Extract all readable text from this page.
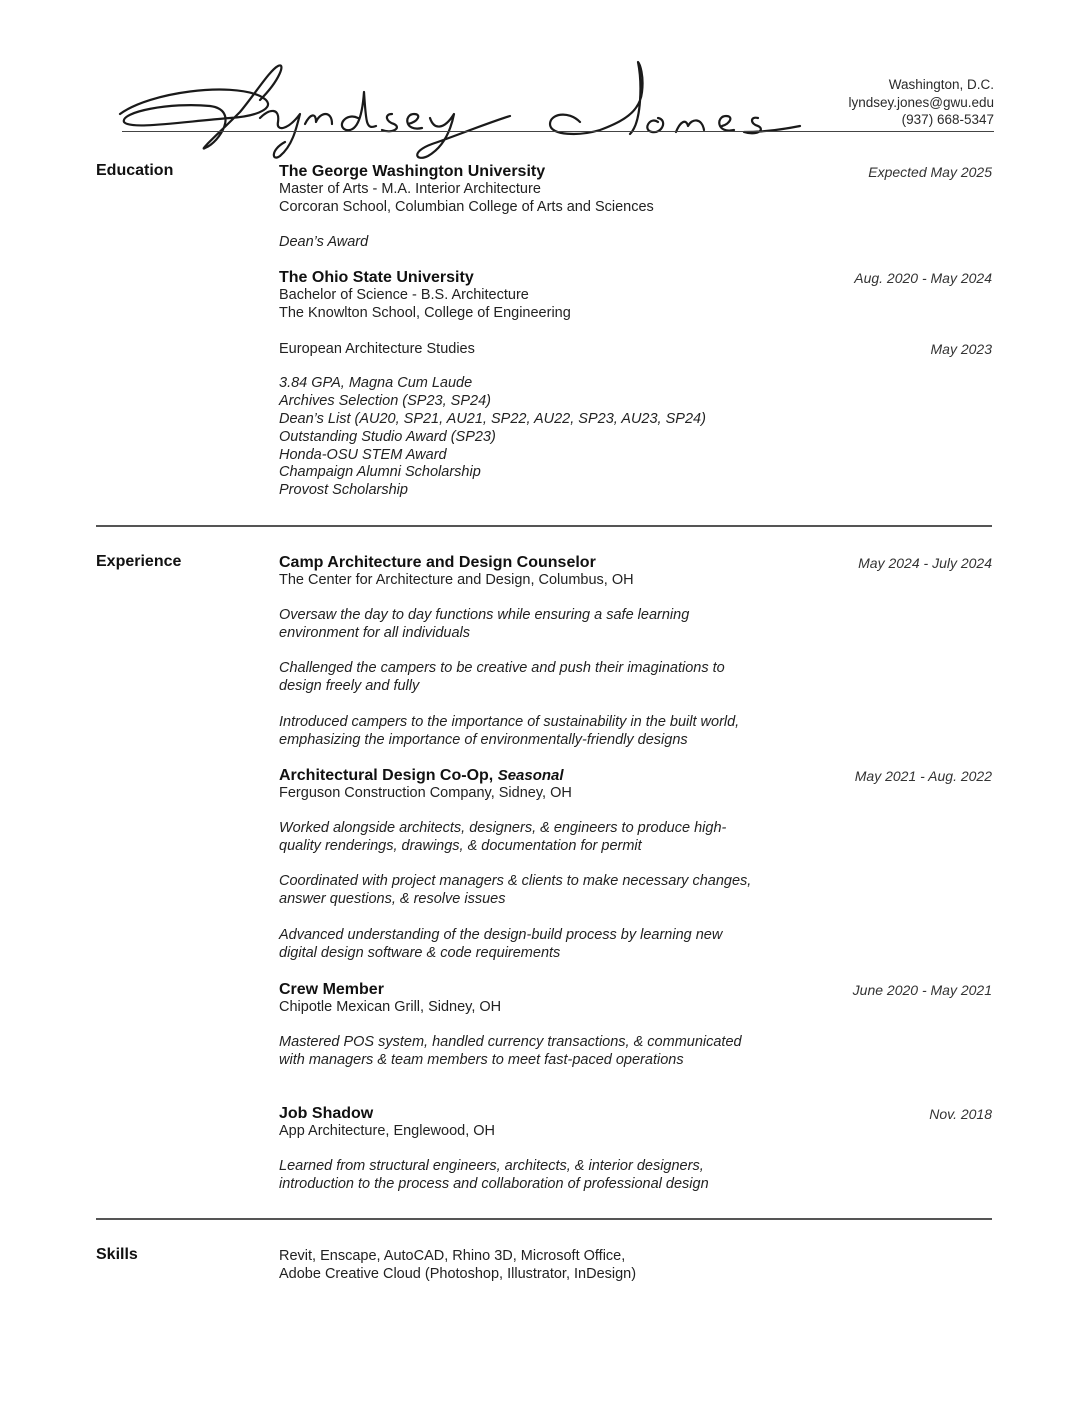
Washington, D.C.
lyndsey.jones@gwu.edu
(937) 668-5347
Education	The George Washington University	Expected May 2025
Master of Arts - M.A. Interior Architecture
Corcoran School, Columbian College of Arts and Sciences
Dean’s Award
The Ohio State University	Aug. 2020 - May 2024
Bachelor of Science - B.S. Architecture
The Knowlton School, College of Engineering
European Architecture Studies	May 2023
3.84 GPA, Magna Cum Laude
Archives Selection (SP23, SP24)
Dean’s List (AU20, SP21, AU21, SP22, AU22, SP23, AU23, SP24)
Outstanding Studio Award (SP23)
Honda-OSU STEM Award
Champaign Alumni Scholarship
Provost Scholarship
Experience	Camp Architecture and Design Counselor	May 2024 - July 2024
The Center for Architecture and Design, Columbus, OH
Oversaw the day to day functions while ensuring a safe learning
environment for all individuals
Challenged the campers to be creative and push their imaginations to
design freely and fully
Introduced campers to the importance of sustainability in the built world,
emphasizing the importance of environmentally-friendly designs
Architectural Design Co-Op, Seasonal	May 2021 - Aug. 2022
Ferguson Construction Company, Sidney, OH
Worked alongside architects, designers, & engineers to produce high-
quality renderings, drawings, & documentation for permit
Coordinated with project managers & clients to make necessary changes,
answer questions, & resolve issues
Advanced understanding of the design-build process by learning new
digital design software & code requirements
Crew Member	June 2020 - May 2021
Chipotle Mexican Grill, Sidney, OH
Mastered POS system, handled currency transactions, & communicated
with managers & team members to meet fast-paced operations
Job Shadow	Nov. 2018
App Architecture, Englewood, OH
Learned from structural engineers, architects, & interior designers,
introduction to the process and collaboration of professional design
Skills	Revit, Enscape, AutoCAD, Rhino 3D, Microsoft Office,
Adobe Creative Cloud (Photoshop, Illustrator, InDesign)
